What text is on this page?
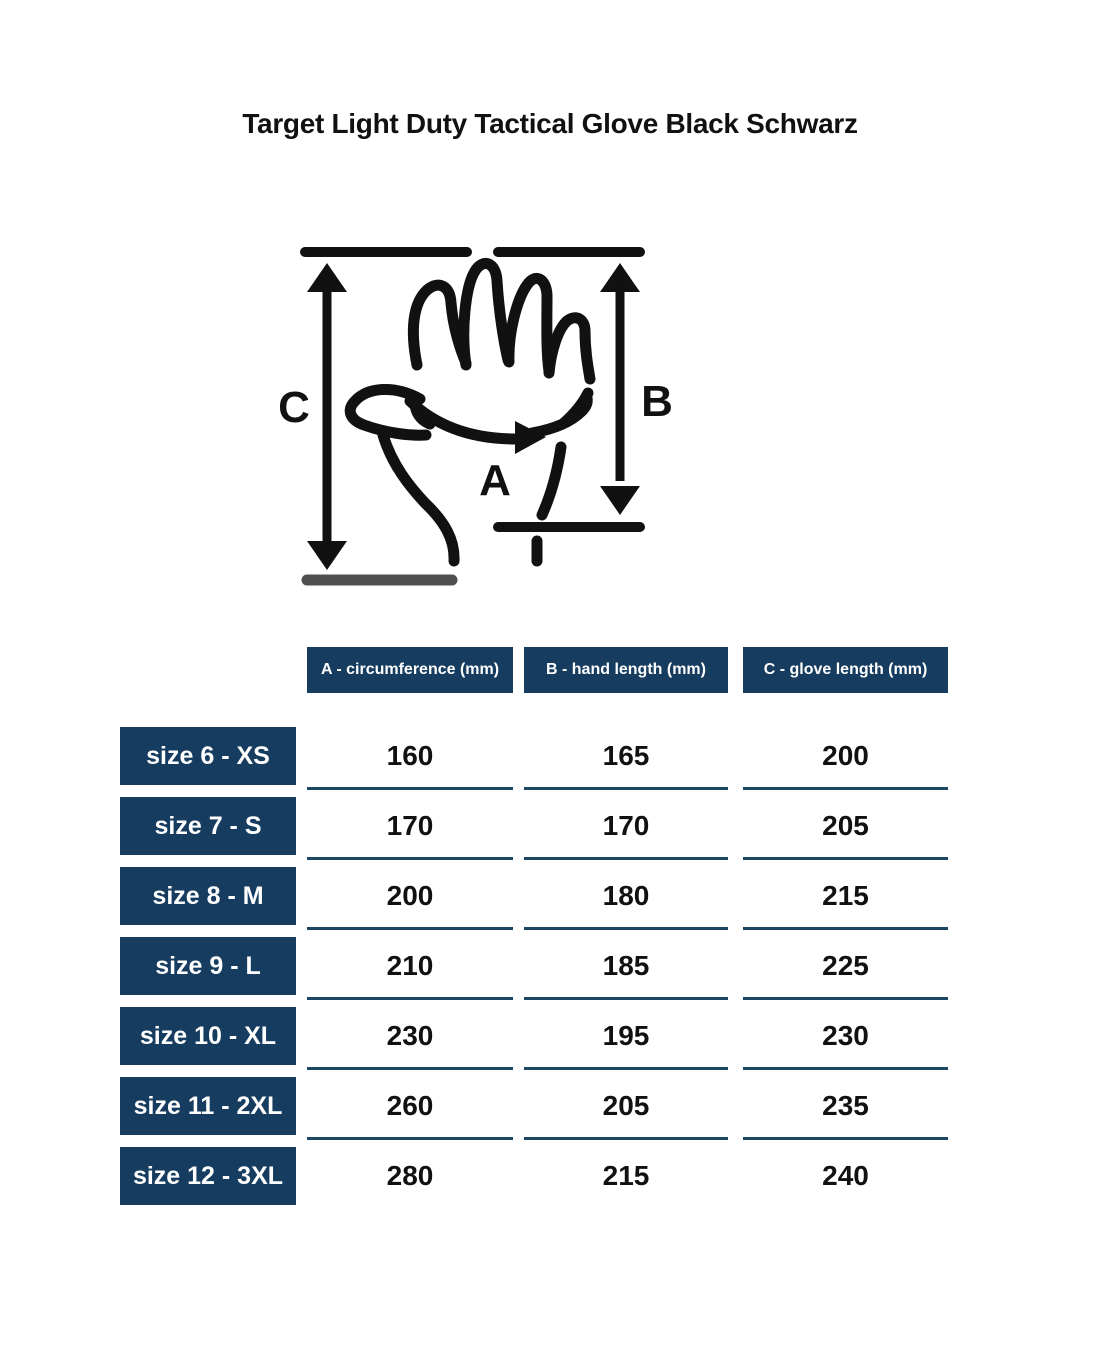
Target Light Duty Tactical Glove Black Schwarz
C	B
A
A - circumference (mm)	B - hand length (mm)	C - glove length (mm)
size 6 - XS	160	165	200
size 7 - S	170	170	205
size 8 - M	200	180	215
size 9 - L	210	185	225
size 10 - XL	230	195	230
size 11 - 2XL	260	205	235
size 12 - 3XL	280	215	240
